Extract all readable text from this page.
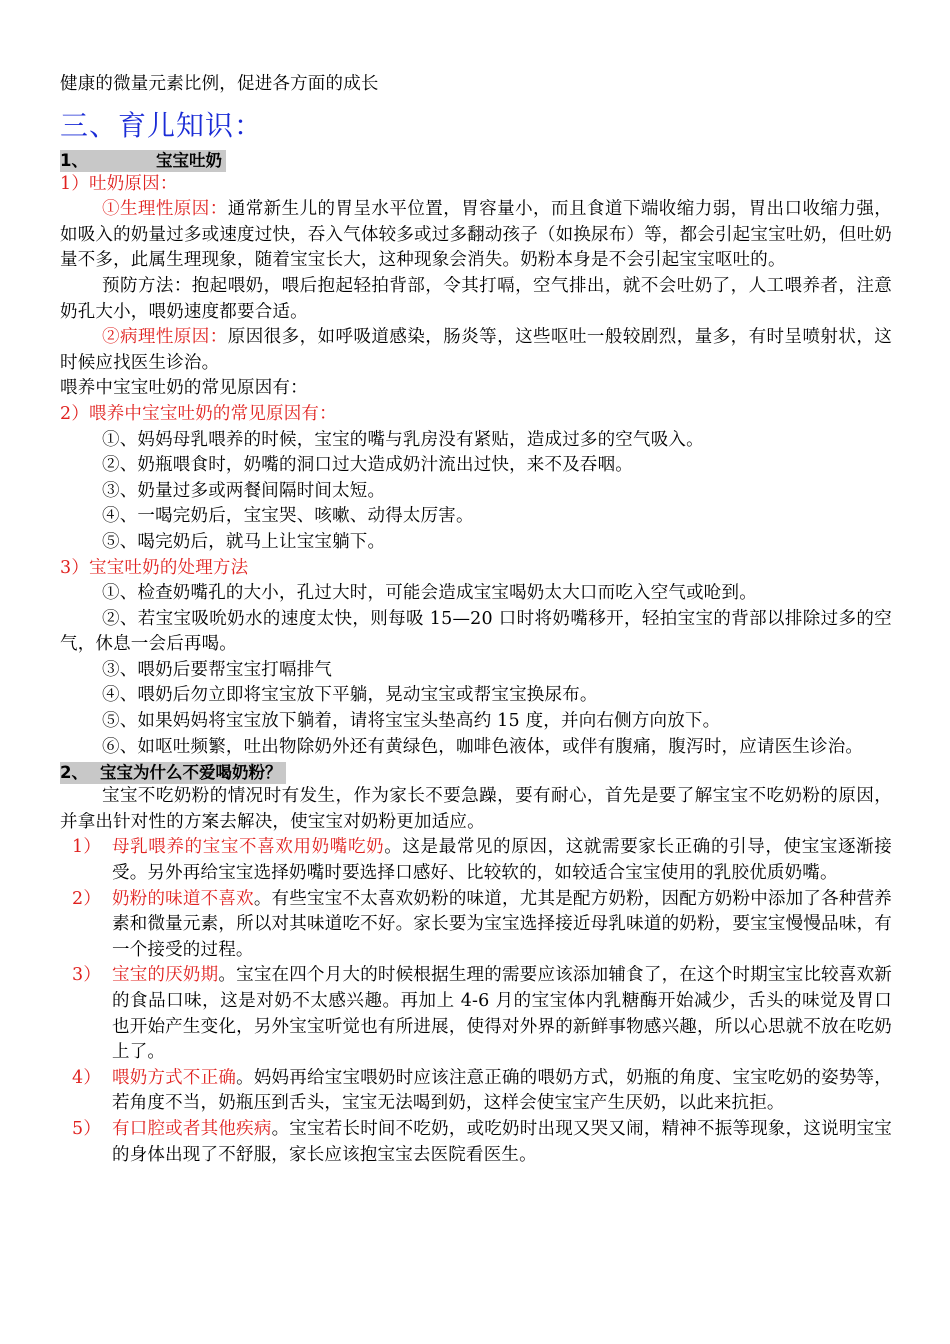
健康的微量元素比例，促进各方面的成长
三、育儿知识：
1、	宝宝吐奶
1）吐奶原因：
①生理性原因：通常新生儿的胃呈水平位置，胃容量小，而且食道下端收缩力弱，胃出口收缩力强，如吸入的奶量过多或速度过快，吞入气体较多或过多翻动孩子（如换尿布）等，都会引起宝宝吐奶，但吐奶量不多，此属生理现象，随着宝宝长大，这种现象会消失。奶粉本身是不会引起宝宝呕吐的。
预防方法：抱起喂奶，喂后抱起轻拍背部，令其打嗝，空气排出，就不会吐奶了，人工喂养者，注意奶孔大小，喂奶速度都要合适。
②病理性原因：原因很多，如呼吸道感染，肠炎等，这些呕吐一般较剧烈，量多，有时呈喷射状，这时候应找医生诊治。
喂养中宝宝吐奶的常见原因有：
2）喂养中宝宝吐奶的常见原因有：
①、妈妈母乳喂养的时候，宝宝的嘴与乳房没有紧贴，造成过多的空气吸入。
②、奶瓶喂食时，奶嘴的洞口过大造成奶汁流出过快，来不及吞咽。
③、奶量过多或两餐间隔时间太短。
④、一喝完奶后，宝宝哭、咳嗽、动得太厉害。
⑤、喝完奶后，就马上让宝宝躺下。
3）宝宝吐奶的处理方法
①、检查奶嘴孔的大小，孔过大时，可能会造成宝宝喝奶太大口而吃入空气或呛到。
②、若宝宝吸吮奶水的速度太快，则每吸 15—20 口时将奶嘴移开，轻拍宝宝的背部以排除过多的空气，休息一会后再喝。
③、喂奶后要帮宝宝打嗝排气
④、喂奶后勿立即将宝宝放下平躺，晃动宝宝或帮宝宝换尿布。
⑤、如果妈妈将宝宝放下躺着，请将宝宝头垫高约 15 度，并向右侧方向放下。
⑥、如呕吐频繁，吐出物除奶外还有黄绿色，咖啡色液体，或伴有腹痛，腹泻时，应请医生诊治。
2、 宝宝为什么不爱喝奶粉？
宝宝不吃奶粉的情况时有发生，作为家长不要急躁，要有耐心，首先是要了解宝宝不吃奶粉的原因，并拿出针对性的方案去解决，使宝宝对奶粉更加适应。
1） 母乳喂养的宝宝不喜欢用奶嘴吃奶。这是最常见的原因，这就需要家长正确的引导，使宝宝逐渐接受。另外再给宝宝选择奶嘴时要选择口感好、比较软的，如较适合宝宝使用的乳胶优质奶嘴。
2） 奶粉的味道不喜欢。有些宝宝不太喜欢奶粉的味道，尤其是配方奶粉，因配方奶粉中添加了各种营养素和微量元素，所以对其味道吃不好。家长要为宝宝选择接近母乳味道的奶粉，要宝宝慢慢品味，有一个接受的过程。
3） 宝宝的厌奶期。宝宝在四个月大的时候根据生理的需要应该添加辅食了，在这个时期宝宝比较喜欢新的食品口味，这是对奶不太感兴趣。再加上 4-6 月的宝宝体内乳糖酶开始减少，舌头的味觉及胃口也开始产生变化，另外宝宝听觉也有所进展，使得对外界的新鲜事物感兴趣，所以心思就不放在吃奶上了。
4） 喂奶方式不正确。妈妈再给宝宝喂奶时应该注意正确的喂奶方式，奶瓶的角度、宝宝吃奶的姿势等，若角度不当，奶瓶压到舌头，宝宝无法喝到奶，这样会使宝宝产生厌奶，以此来抗拒。
5） 有口腔或者其他疾病。宝宝若长时间不吃奶，或吃奶时出现又哭又闹，精神不振等现象，这说明宝宝的身体出现了不舒服，家长应该抱宝宝去医院看医生。
